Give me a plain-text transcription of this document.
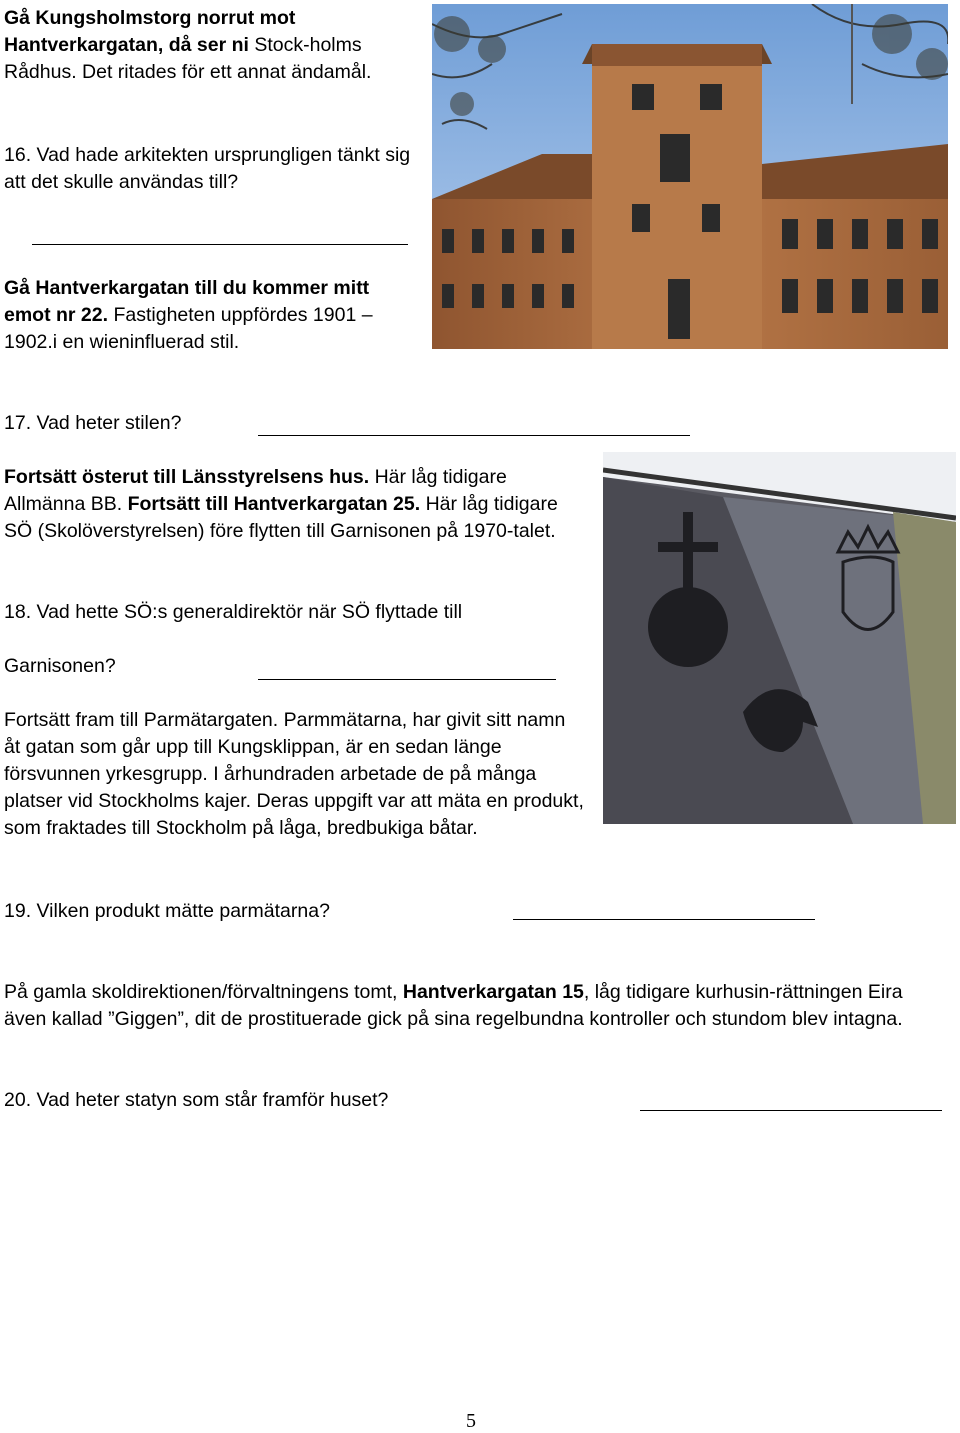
Gå Kungsholmstorg norrut mot Hantverkargatan, då ser ni Stock-holms Rådhus. Det ritades för ett annat ändamål.

16. Vad hade arkitekten ursprungligen tänkt sig att det skulle användas till?

Gå Hantverkargatan till du kommer mitt emot nr 22. Fastigheten uppfördes 1901 – 1902.i en wieninfluerad stil.

17. Vad heter stilen?

Fortsätt österut till Länsstyrelsens hus. Här låg tidigare Allmänna BB. Fortsätt till Hantverkargatan 25. Här låg tidigare SÖ (Skolöverstyrelsen) före flytten till Garnisonen på 1970-talet.

18. Vad hette SÖ:s generaldirektör när SÖ flyttade till

Garnisonen?

Fortsätt fram till Parmätargaten. Parmmätarna, har givit sitt namn åt gatan som går upp till Kungsklippan, är en sedan länge försvunnen yrkesgrupp. I århundraden arbetade de på många platser vid Stockholms kajer. Deras uppgift var att mäta en produkt, som fraktades till Stockholm på låga, bredbukiga båtar.

19. Vilken produkt mätte parmätarna?

På gamla skoldirektionen/förvaltningens tomt, Hantverkargatan 15, låg tidigare kurhusin-rättningen Eira även kallad ”Giggen”, dit de prostituerade gick på sina regelbundna kontroller och stundom blev intagna.

20. Vad heter statyn som står framför huset?

5
